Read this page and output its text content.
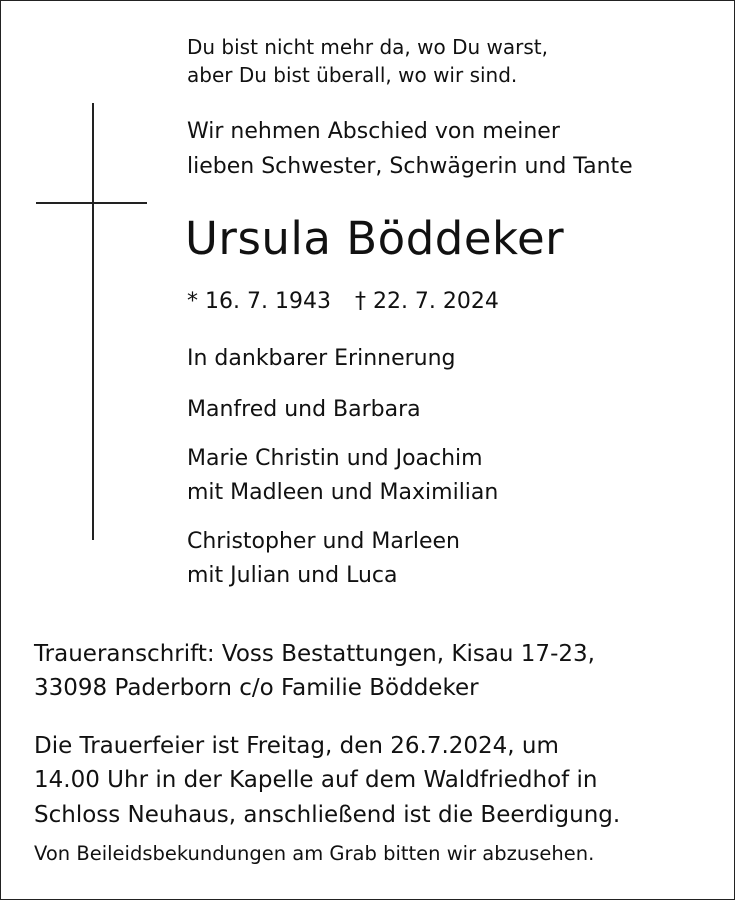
Du bist nicht mehr da, wo Du warst,
aber Du bist überall, wo wir sind.
Wir nehmen Abschied von meiner
lieben Schwester, Schwägerin und Tante
Ursula Böddeker
* 16. 7. 1943 † 22. 7. 2024
In dankbarer Erinnerung
Manfred und Barbara
Marie Christin und Joachim
mit Madleen und Maximilian
Christopher und Marleen
mit Julian und Luca
Traueranschrift: Voss Bestattungen, Kisau 17-23,
33098 Paderborn c/o Familie Böddeker
Die Trauerfeier ist Freitag, den 26.7.2024, um
14.00 Uhr in der Kapelle auf dem Waldfriedhof in
Schloss Neuhaus, anschließend ist die Beerdigung.
Von Beileidsbekundungen am Grab bitten wir abzusehen.
